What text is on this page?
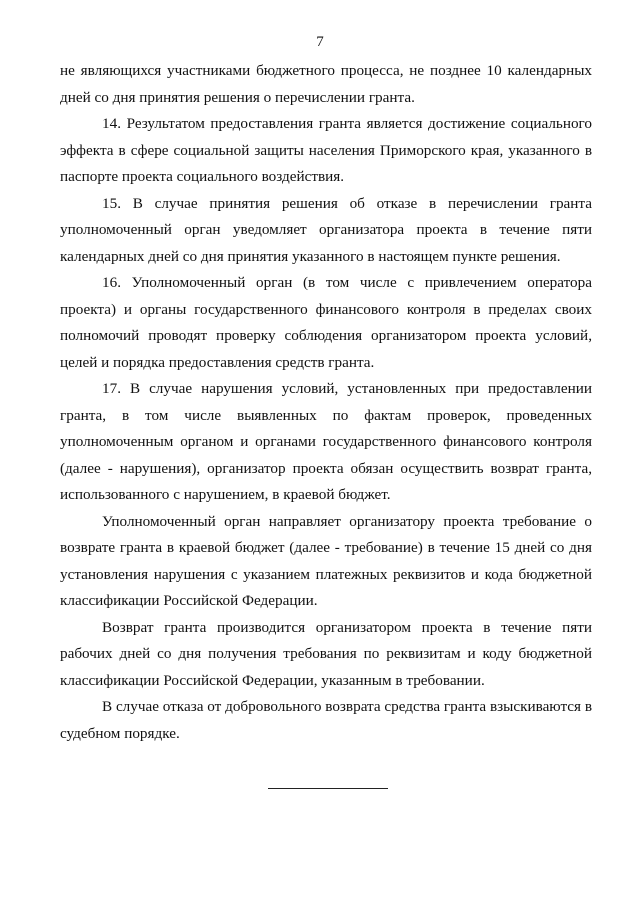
7

не являющихся участниками бюджетного процесса, не позднее 10 календарных дней со дня принятия решения о перечислении гранта.

14. Результатом предоставления гранта является достижение социального эффекта в сфере социальной защиты населения Приморского края, указанного в паспорте проекта социального воздействия.

15. В случае принятия решения об отказе в перечислении гранта уполномоченный орган уведомляет организатора проекта в течение пяти календарных дней со дня принятия указанного в настоящем пункте решения.

16. Уполномоченный орган (в том числе с привлечением оператора проекта) и органы государственного финансового контроля в пределах своих полномочий проводят проверку соблюдения организатором проекта условий, целей и порядка предоставления средств гранта.

17. В случае нарушения условий, установленных при предоставлении гранта, в том числе выявленных по фактам проверок, проведенных уполномоченным органом и органами государственного финансового контроля (далее - нарушения), организатор проекта обязан осуществить возврат гранта, использованного с нарушением, в краевой бюджет.

Уполномоченный орган направляет организатору проекта требование о возврате гранта в краевой бюджет (далее - требование) в течение 15 дней со дня установления нарушения с указанием платежных реквизитов и кода бюджетной классификации Российской Федерации.

Возврат гранта производится организатором проекта в течение пяти рабочих дней со дня получения требования по реквизитам и коду бюджетной классификации Российской Федерации, указанным в требовании.

В случае отказа от добровольного возврата средства гранта взыскиваются в судебном порядке.
